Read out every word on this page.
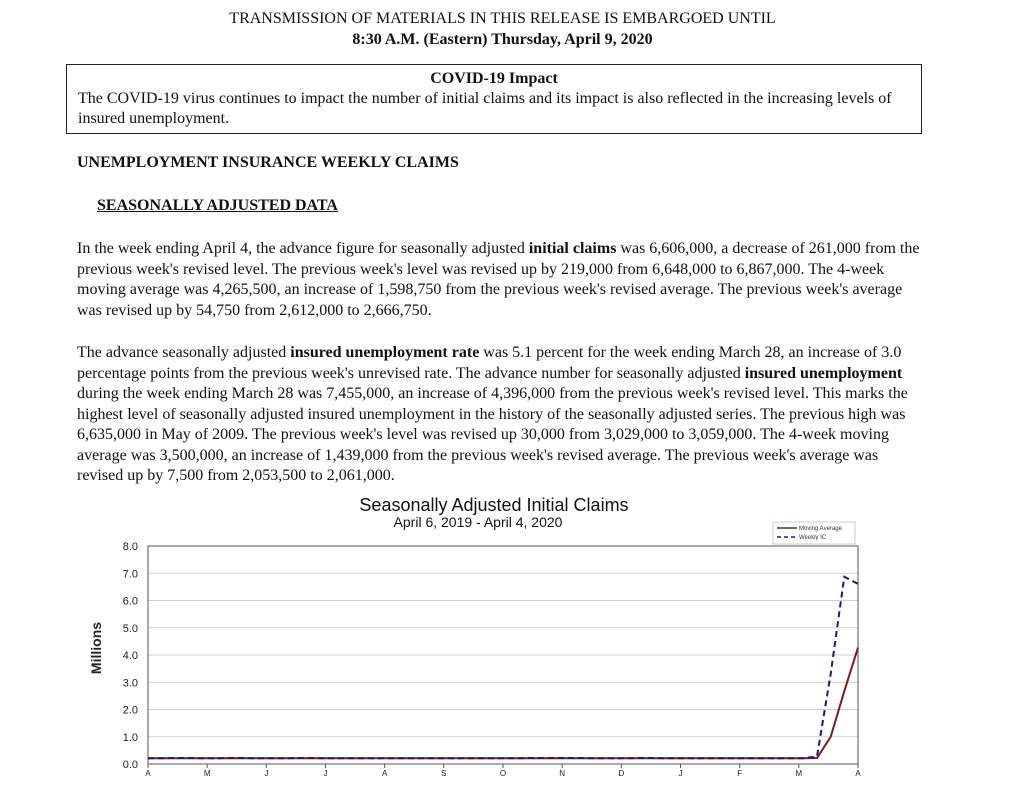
TRANSMISSION OF MATERIALS IN THIS RELEASE IS EMBARGOED UNTIL
8:30 A.M. (Eastern) Thursday, April 9, 2020
COVID-19 Impact
The COVID-19 virus continues to impact the number of initial claims and its impact is also reflected in the increasing levels of insured unemployment.
UNEMPLOYMENT INSURANCE WEEKLY CLAIMS
SEASONALLY ADJUSTED DATA

In the week ending April 4, the advance figure for seasonally adjusted initial claims was 6,606,000, a decrease of 261,000 from the previous week's revised level. The previous week's level was revised up by 219,000 from 6,648,000 to 6,867,000. The 4-week moving average was 4,265,500, an increase of 1,598,750 from the previous week's revised average. The previous week's average was revised up by 54,750 from 2,612,000 to 2,666,750.

The advance seasonally adjusted insured unemployment rate was 5.1 percent for the week ending March 28, an increase of 3.0 percentage points from the previous week's unrevised rate. The advance number for seasonally adjusted insured unemployment during the week ending March 28 was 7,455,000, an increase of 4,396,000 from the previous week's revised level. This marks the highest level of seasonally adjusted insured unemployment in the history of the seasonally adjusted series. The previous high was 6,635,000 in May of 2009. The previous week's level was revised up 30,000 from 3,029,000 to 3,059,000. The 4-week moving average was 3,500,000, an increase of 1,439,000 from the previous week's revised average. The previous week's average was revised up by 7,500 from 2,053,500 to 2,061,000.

Seasonally Adjusted Initial Claims
April 6, 2019 - April 4, 2020
Millions
0.0
1.0
2.0
3.0
4.0
5.0
6.0
7.0
8.0
A	M	J	J	A	S	O	N	D	J	F	M	A
Moving Average
Weekly IC
